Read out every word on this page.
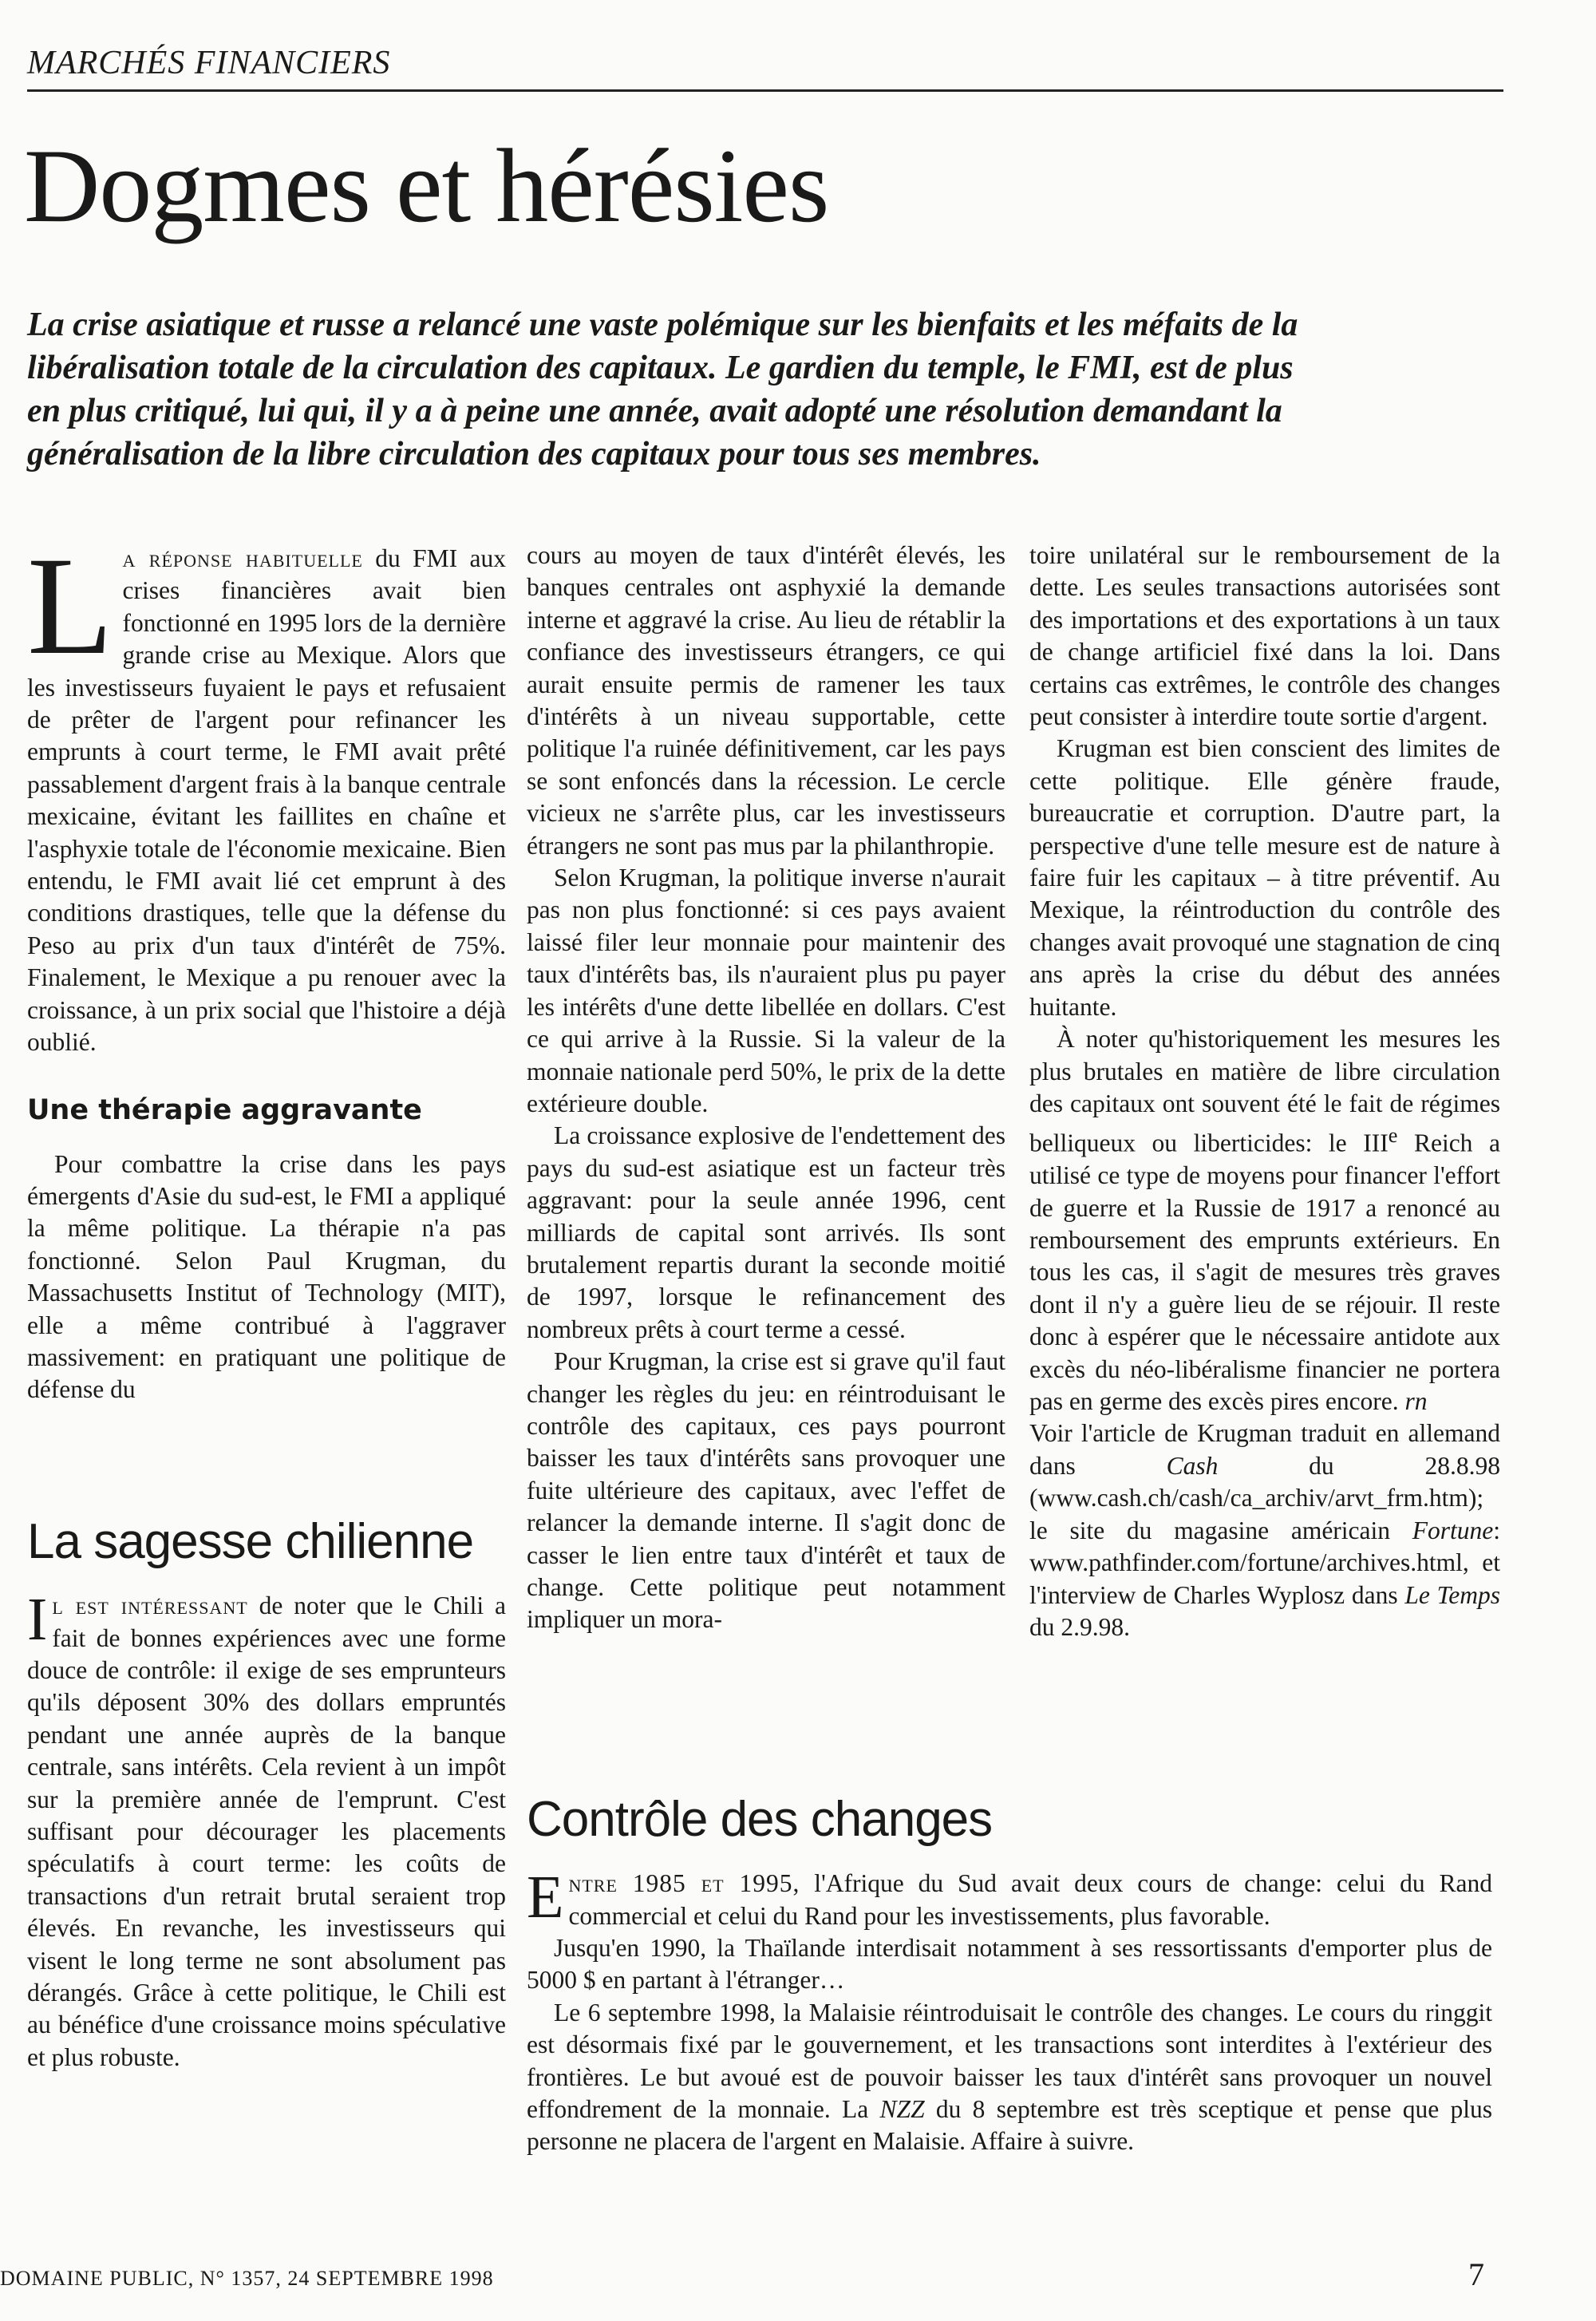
MARCHÉS FINANCIERS
Dogmes et hérésies

La crise asiatique et russe a relancé une vaste polémique sur les bienfaits et les méfaits de la libéralisation totale de la circulation des capitaux. Le gardien du temple, le FMI, est de plus en plus critiqué, lui qui, il y a à peine une année, avait adopté une résolution demandant la généralisation de la libre circulation des capitaux pour tous ses membres.

La réponse habituelle du FMI aux crises financières avait bien fonctionné en 1995 lors de la dernière grande crise au Mexique. Alors que les investisseurs fuyaient le pays et refusaient de prêter de l'argent pour refinancer les emprunts à court terme, le FMI avait prêté passablement d'argent frais à la banque centrale mexicaine, évitant les faillites en chaîne et l'asphyxie totale de l'économie mexicaine. Bien entendu, le FMI avait lié cet emprunt à des conditions drastiques, telle que la défense du Peso au prix d'un taux d'intérêt de 75%. Finalement, le Mexique a pu renouer avec la croissance, à un prix social que l'histoire a déjà oublié.

Une thérapie aggravante

Pour combattre la crise dans les pays émergents d'Asie du sud-est, le FMI a appliqué la même politique. La thérapie n'a pas fonctionné. Selon Paul Krugman, du Massachusetts Institut of Technology (MIT), elle a même contribué à l'aggraver massivement: en pratiquant une politique de défense du

cours au moyen de taux d'intérêt élevés, les banques centrales ont asphyxié la demande interne et aggravé la crise. Au lieu de rétablir la confiance des investisseurs étrangers, ce qui aurait ensuite permis de ramener les taux d'intérêts à un niveau supportable, cette politique l'a ruinée définitivement, car les pays se sont enfoncés dans la récession. Le cercle vicieux ne s'arrête plus, car les investisseurs étrangers ne sont pas mus par la philanthropie.

Selon Krugman, la politique inverse n'aurait pas non plus fonctionné: si ces pays avaient laissé filer leur monnaie pour maintenir des taux d'intérêts bas, ils n'auraient plus pu payer les intérêts d'une dette libellée en dollars. C'est ce qui arrive à la Russie. Si la valeur de la monnaie nationale perd 50%, le prix de la dette extérieure double.

La croissance explosive de l'endettement des pays du sud-est asiatique est un facteur très aggravant: pour la seule année 1996, cent milliards de capital sont arrivés. Ils sont brutalement repartis durant la seconde moitié de 1997, lorsque le refinancement des nombreux prêts à court terme a cessé.

Pour Krugman, la crise est si grave qu'il faut changer les règles du jeu: en réintroduisant le contrôle des capitaux, ces pays pourront baisser les taux d'intérêts sans provoquer une fuite ultérieure des capitaux, avec l'effet de relancer la demande interne. Il s'agit donc de casser le lien entre taux d'intérêt et taux de change. Cette politique peut notamment impliquer un mora-

toire unilatéral sur le remboursement de la dette. Les seules transactions autorisées sont des importations et des exportations à un taux de change artificiel fixé dans la loi. Dans certains cas extrêmes, le contrôle des changes peut consister à interdire toute sortie d'argent.

Krugman est bien conscient des limites de cette politique. Elle génère fraude, bureaucratie et corruption. D'autre part, la perspective d'une telle mesure est de nature à faire fuir les capitaux – à titre préventif. Au Mexique, la réintroduction du contrôle des changes avait provoqué une stagnation de cinq ans après la crise du début des années huitante.

À noter qu'historiquement les mesures les plus brutales en matière de libre circulation des capitaux ont souvent été le fait de régimes belliqueux ou liberticides: le IIIe Reich a utilisé ce type de moyens pour financer l'effort de guerre et la Russie de 1917 a renoncé au remboursement des emprunts extérieurs. En tous les cas, il s'agit de mesures très graves dont il n'y a guère lieu de se réjouir. Il reste donc à espérer que le nécessaire antidote aux excès du néo-libéralisme financier ne portera pas en germe des excès pires encore. rn

Voir l'article de Krugman traduit en allemand dans Cash du 28.8.98 (www.cash.ch/cash/ca_archiv/arvt_frm.htm); le site du magasine américain Fortune: www.pathfinder.com/fortune/archives.html, et l'interview de Charles Wyplosz dans Le Temps du 2.9.98.

La sagesse chilienne

Il est intéressant de noter que le Chili a fait de bonnes expériences avec une forme douce de contrôle: il exige de ses emprunteurs qu'ils déposent 30% des dollars empruntés pendant une année auprès de la banque centrale, sans intérêts. Cela revient à un impôt sur la première année de l'emprunt. C'est suffisant pour décourager les placements spéculatifs à court terme: les coûts de transactions d'un retrait brutal seraient trop élevés. En revanche, les investisseurs qui visent le long terme ne sont absolument pas dérangés. Grâce à cette politique, le Chili est au bénéfice d'une croissance moins spéculative et plus robuste.

Contrôle des changes

Entre 1985 et 1995, l'Afrique du Sud avait deux cours de change: celui du Rand commercial et celui du Rand pour les investissements, plus favorable.

Jusqu'en 1990, la Thaïlande interdisait notamment à ses ressortissants d'emporter plus de 5000 $ en partant à l'étranger…

Le 6 septembre 1998, la Malaisie réintroduisait le contrôle des changes. Le cours du ringgit est désormais fixé par le gouvernement, et les transactions sont interdites à l'extérieur des frontières. Le but avoué est de pouvoir baisser les taux d'intérêt sans provoquer un nouvel effondrement de la monnaie. La NZZ du 8 septembre est très sceptique et pense que plus personne ne placera de l'argent en Malaisie. Affaire à suivre.

DOMAINE PUBLIC, N° 1357, 24 SEPTEMBRE 1998	7
